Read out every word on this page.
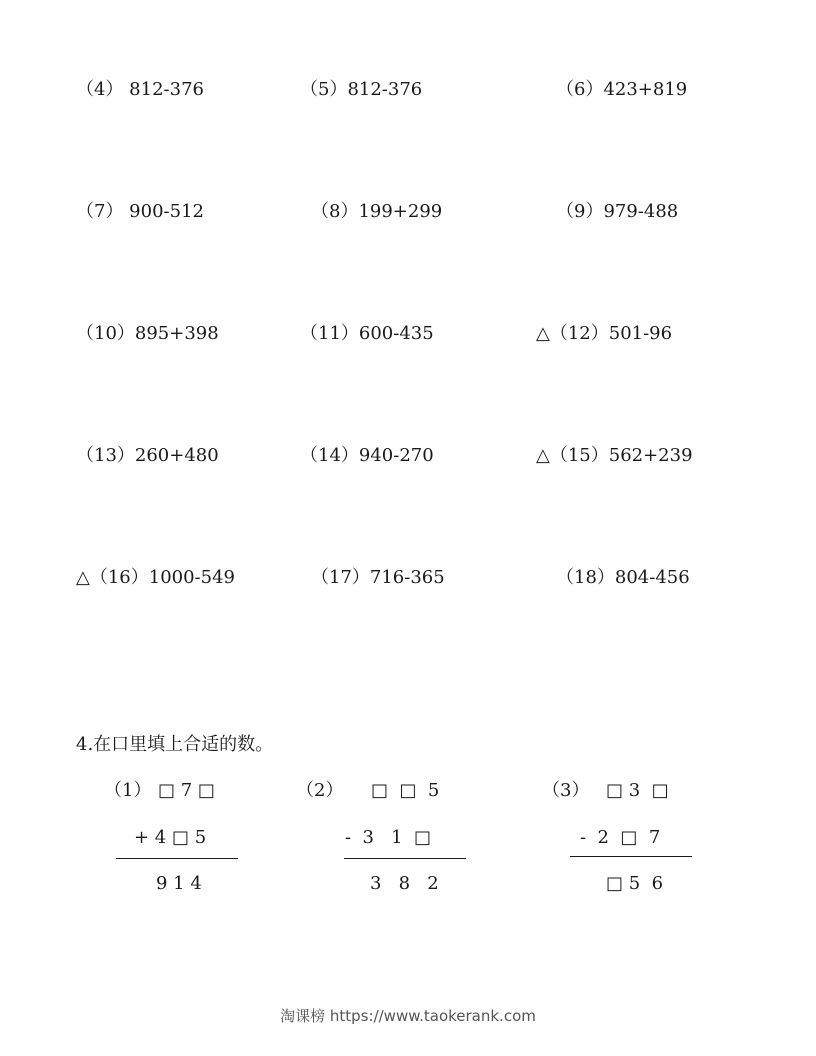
（4） 812-376	（5）812-376	（6）423+819
（7） 900-512	（8）199+299	（9）979-488
（10）895+398	（11）600-435	△（12）501-96
（13）260+480	（14）940-270	△（15）562+239
△（16）1000-549	（17）716-365	（18）804-456
4.在口里填上合适的数。
（1） □ 7 □
+ 4 □ 5
9 1 4
（2） □  □  5
-  3   1  □
3   8   2
（3） □ 3  □
-  2  □  7
□ 5  6
淘课榜 https://www.taokerank.com
